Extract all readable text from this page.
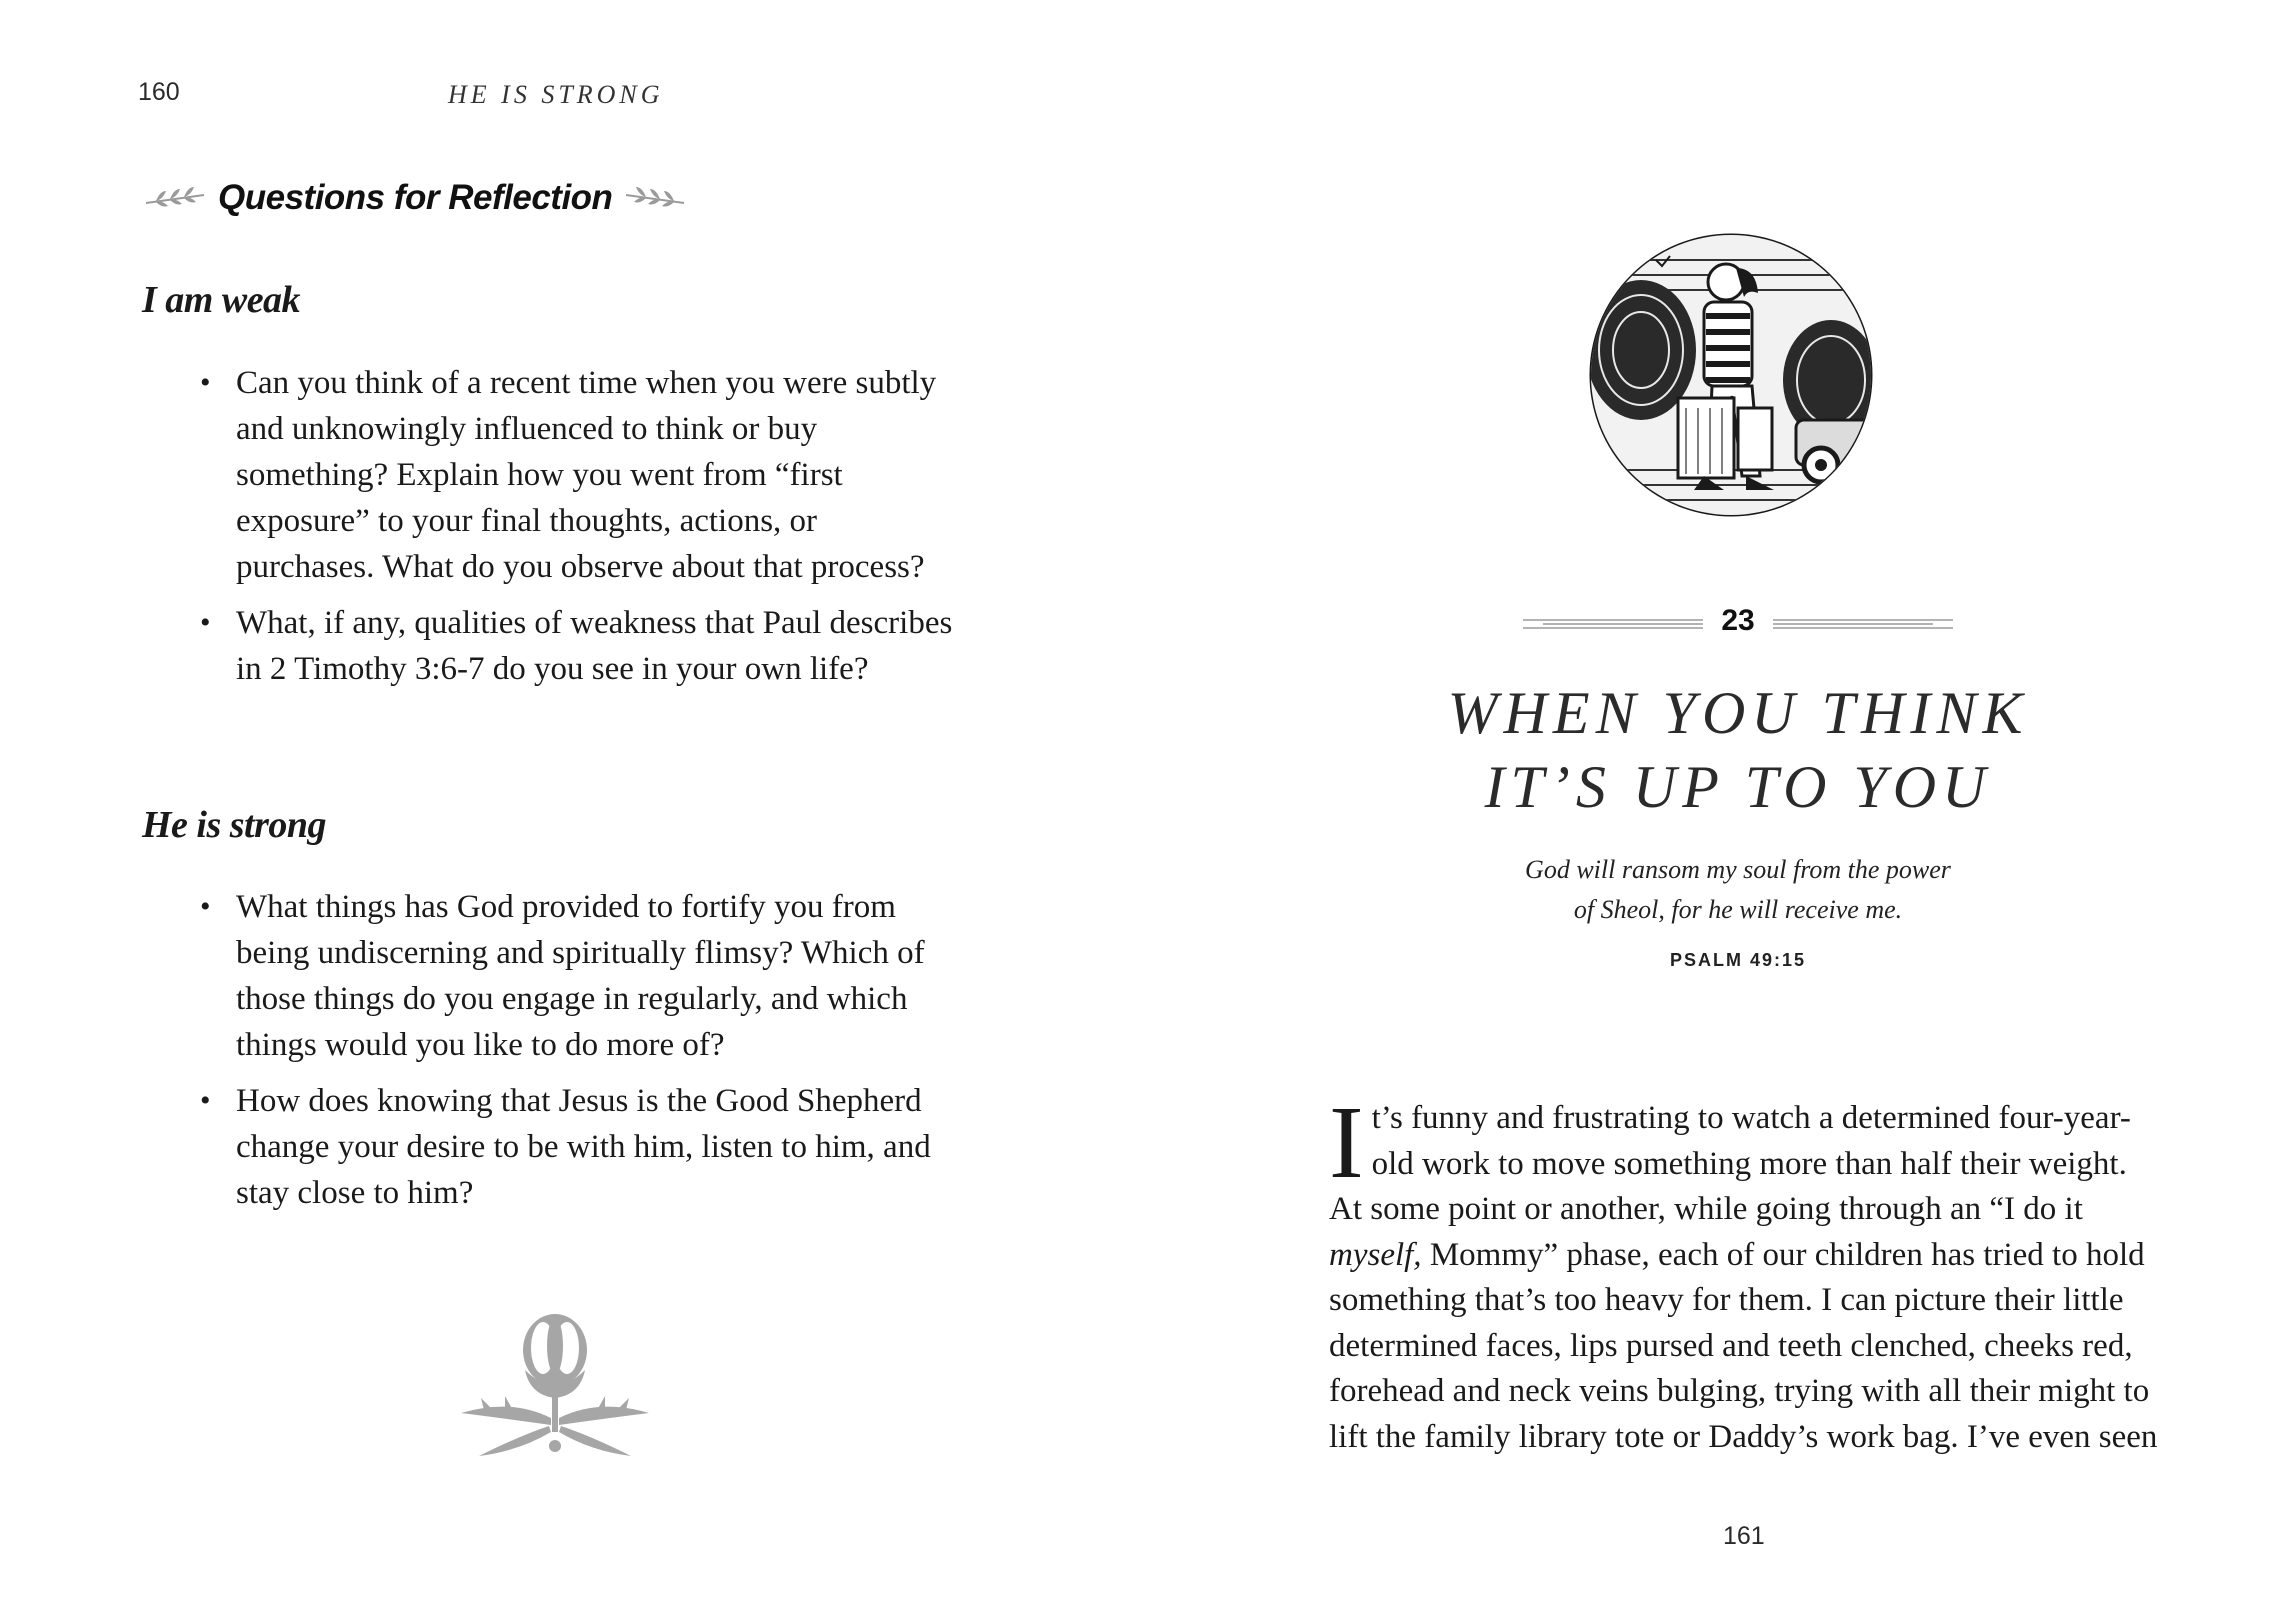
160	HE IS STRONG
Questions for Reflection
I am weak
• Can you think of a recent time when you were subtly and unknowingly influenced to think or buy something? Explain how you went from “first exposure” to your final thoughts, actions, or purchases. What do you observe about that process?
• What, if any, qualities of weakness that Paul describes in 2 Timothy 3:6-7 do you see in your own life?
He is strong
• What things has God provided to fortify you from being undiscerning and spiritually flimsy? Which of those things do you engage in regularly, and which things would you like to do more of?
• How does knowing that Jesus is the Good Shepherd change your desire to be with him, listen to him, and stay close to him?
23
WHEN YOU THINK
IT’S UP TO YOU
God will ransom my soul from the power
of Sheol, for he will receive me.
PSALM 49:15

It’s funny and frustrating to watch a determined four-year-old work to move something more than half their weight. At some point or another, while going through an “I do it myself, Mommy” phase, each of our children has tried to hold something that’s too heavy for them. I can picture their little determined faces, lips pursed and teeth clenched, cheeks red, forehead and neck veins bulging, trying with all their might to lift the family library tote or Daddy’s work bag. I’ve even seen

161
